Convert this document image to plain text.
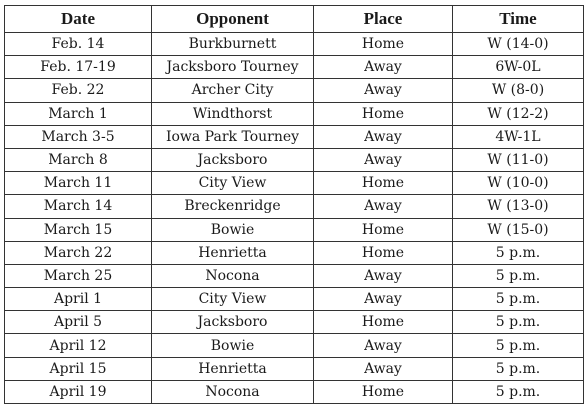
Date	Opponent	Place	Time
Feb. 14	Burkburnett	Home	W (14-0)
Feb. 17-19	Jacksboro Tourney	Away	6W-0L
Feb. 22	Archer City	Away	W (8-0)
March 1	Windthorst	Home	W (12-2)
March 3-5	Iowa Park Tourney	Away	4W-1L
March 8	Jacksboro	Away	W (11-0)
March 11	City View	Home	W (10-0)
March 14	Breckenridge	Away	W (13-0)
March 15	Bowie	Home	W (15-0)
March 22	Henrietta	Home	5 p.m.
March 25	Nocona	Away	5 p.m.
April 1	City View	Away	5 p.m.
April 5	Jacksboro	Home	5 p.m.
April 12	Bowie	Away	5 p.m.
April 15	Henrietta	Away	5 p.m.
April 19	Nocona	Home	5 p.m.
